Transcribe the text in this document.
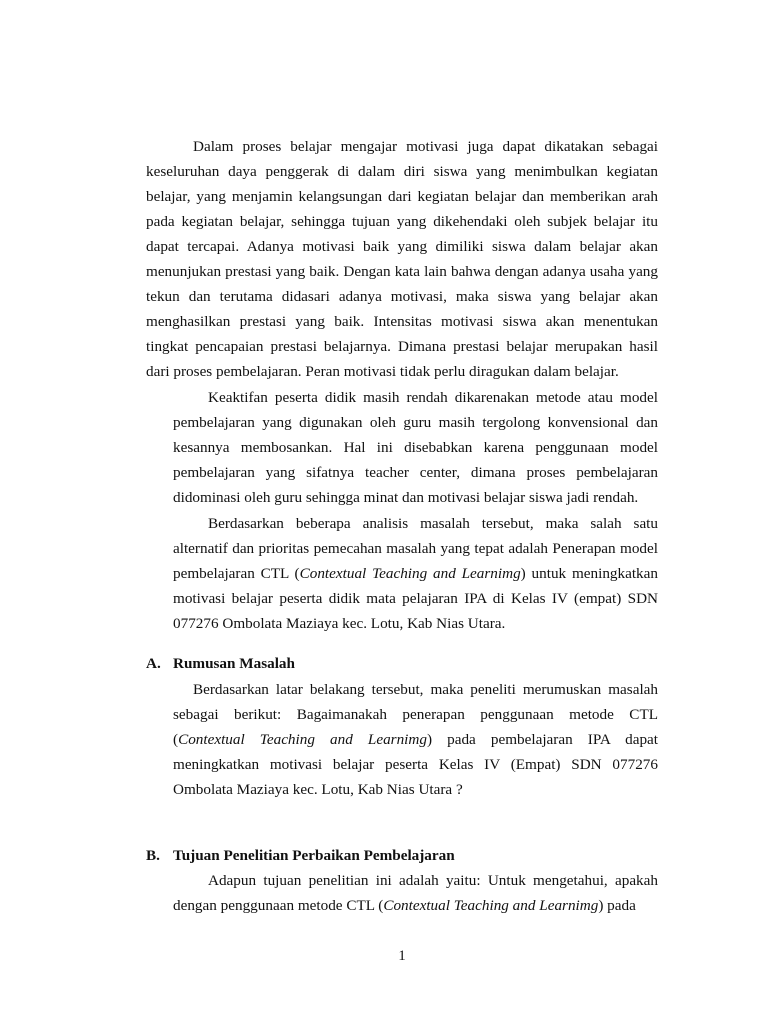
Dalam proses belajar mengajar motivasi juga dapat dikatakan sebagai keseluruhan daya penggerak di dalam diri siswa yang menimbulkan kegiatan belajar, yang menjamin kelangsungan dari kegiatan belajar dan memberikan arah pada kegiatan belajar, sehingga tujuan yang dikehendaki oleh subjek belajar itu dapat tercapai. Adanya motivasi baik yang dimiliki siswa dalam belajar akan menunjukan prestasi yang baik. Dengan kata lain bahwa dengan adanya usaha yang tekun dan terutama didasari adanya motivasi, maka siswa yang belajar akan menghasilkan prestasi yang baik. Intensitas motivasi siswa akan menentukan tingkat pencapaian prestasi belajarnya. Dimana prestasi belajar merupakan hasil dari proses pembelajaran. Peran motivasi tidak perlu diragukan dalam belajar.

Keaktifan peserta didik masih rendah dikarenakan metode atau model pembelajaran yang digunakan oleh guru masih tergolong konvensional dan kesannya membosankan. Hal ini disebabkan karena penggunaan model pembelajaran yang sifatnya teacher center, dimana proses pembelajaran didominasi oleh guru sehingga minat dan motivasi belajar siswa jadi rendah.

Berdasarkan beberapa analisis masalah tersebut, maka salah satu alternatif dan prioritas pemecahan masalah yang tepat adalah Penerapan model pembelajaran CTL (Contextual Teaching and Learnimg) untuk meningkatkan motivasi belajar peserta didik mata pelajaran IPA di Kelas IV (empat) SDN 077276 Ombolata Maziaya kec. Lotu, Kab Nias Utara.

A. Rumusan Masalah

Berdasarkan latar belakang tersebut, maka peneliti merumuskan masalah sebagai berikut: Bagaimanakah penerapan penggunaan metode CTL (Contextual Teaching and Learnimg) pada pembelajaran IPA dapat meningkatkan motivasi belajar peserta Kelas IV (Empat) SDN 077276 Ombolata Maziaya kec. Lotu, Kab Nias Utara ?

B. Tujuan Penelitian Perbaikan Pembelajaran

Adapun tujuan penelitian ini adalah yaitu: Untuk mengetahui, apakah dengan penggunaan metode CTL (Contextual Teaching and Learnimg) pada

1
